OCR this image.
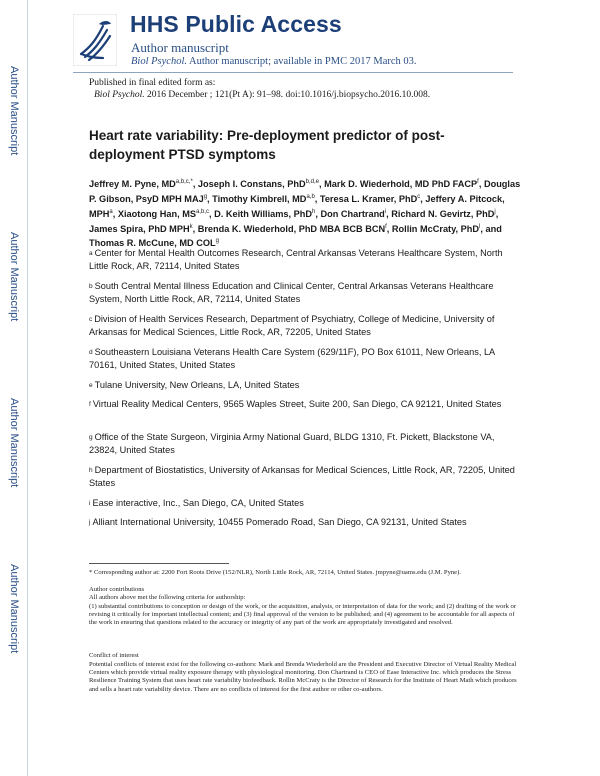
Author Manuscript
Author Manuscript
Author Manuscript
Author Manuscript
HHS Public Access
Author manuscript
Biol Psychol. Author manuscript; available in PMC 2017 March 03.
Published in final edited form as:
Biol Psychol. 2016 December ; 121(Pt A): 91–98. doi:10.1016/j.biopsycho.2016.10.008.
Heart rate variability: Pre-deployment predictor of post-deployment PTSD symptoms
Jeffrey M. Pyne, $MD^{a,b,c,*}$, Joseph I. Constans, PhD$^{b,d,e}$, Mark D. Wiederhold, MD PhD FACP$^f$, Douglas P. Gibson, PsyD MPH MAJ$^g$, Timothy Kimbrell, MD$^{a,b}$, Teresa L. Kramer, PhD$^c$, Jeffery A. Pitcock, MPH$^a$, Xiaotong Han, MS$^{a,b,c}$, D. Keith Williams, PhD$^h$, Don Chartrand$^i$, Richard N. Gevirtz, PhD$^j$, James Spira, PhD MPH$^k$, Brenda K. Wiederhold, PhD MBA BCB BCN$^f$, Rollin McCraty, PhD$^l$, and Thomas R. McCune, MD COL$^g$
$^a$ Center for Mental Health Outcomes Research, Central Arkansas Veterans Healthcare System, North Little Rock, AR, 72114, United States
$^b$ South Central Mental Illness Education and Clinical Center, Central Arkansas Veterans Healthcare System, North Little Rock, AR, 72114, United States
$^c$ Division of Health Services Research, Department of Psychiatry, College of Medicine, University of Arkansas for Medical Sciences, Little Rock, AR, 72205, United States
$^d$ Southeastern Louisiana Veterans Health Care System (629/11F), PO Box 61011, New Orleans, LA 70161, United States, United States
$^e$ Tulane University, New Orleans, LA, United States
$^f$ Virtual Reality Medical Centers, 9565 Waples Street, Suite 200, San Diego, CA 92121, United States
$^g$ Office of the State Surgeon, Virginia Army National Guard, BLDG 1310, Ft. Pickett, Blackstone VA, 23824, United States
$^h$ Department of Biostatistics, University of Arkansas for Medical Sciences, Little Rock, AR, 72205, United States
$^i$ Ease interactive, Inc., San Diego, CA, United States
$^j$ Alliant International University, 10455 Pomerado Road, San Diego, CA 92131, United States
* Corresponding author at: 2200 Fort Roots Drive (152/NLR), North Little Rock, AR, 72114, United States. jmpyne@uams.edu (J.M. Pyne).
Author contributions
All authors above met the following criteria for authorship:
(1) substantial contributions to conception or design of the work, or the acquisition, analysis, or interpretation of data for the work; and (2) drafting of the work or revising it critically for important intellectual content; and (3) final approval of the version to be published; and (4) agreement to be accountable for all aspects of the work in ensuring that questions related to the accuracy or integrity of any part of the work are appropriately investigated and resolved.
Conflict of interest
Potential conflicts of interest exist for the following co-authors: Mark and Brenda Wiederhold are the President and Executive Director of Virtual Reality Medical Centers which provide virtual reality exposure therapy with physiological monitoring. Don Chartrand is CEO of Ease Interactive Inc. which produces the Stress Resilience Training System that uses heart rate variability biofeedback. Rollin McCraty is the Director of Research for the Institute of Heart Math which produces and sells a heart rate variability device. There are no conflicts of interest for the first author or other co-authors.
